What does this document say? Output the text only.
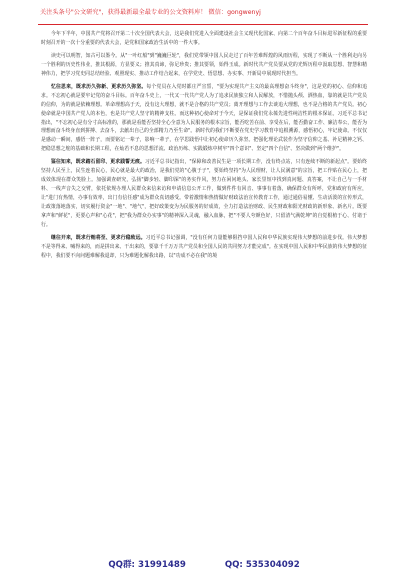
关注头条号"公文研究"，获得最新最全最专业的公文资料库！ 微信：gongwenyj

今年下半年，中国共产党将召开第二十次全国代表大会，这是我们党进入全面建设社会主义现代化国家、向第二个百年奋斗目标进军新征程的重要时刻召开的一次十分重要的代表大会，是党和国家政治生活中的一件大事。

读史可以明智，知古可以鉴今。从"一叶红船"到"巍巍巨轮"，我们党带领中国人民走过了百年苦难辉煌的风雨历程，实现了不断从一个胜利走向另一个胜利的历史性伟业，推其根源，方显要义；推其真谛，弥足珍贵；推其要领，始得玉成。新时代共产党员要从党的光辉历程中汲取思想、智慧和精神伟力，把学习党史同总结经验、观照现实、推动工作结合起来，在学党史、悟思想、办实事、开新局中展现时代担当。

忆往思来，既求历久弥新、更求历久弥坚。每个党员在入党时都庄严宣誓，"要为实现共产主义的最高理想奋斗终身"，这是党的初心、信仰和追求。不忘初心就是要牢记党的奋斗目标。百年奋斗史上，一代又一代共产党人为了追求民族独立和人民解放，不惜抛头颅、洒热血，靠的就是共产党员的信仰，为的就是依赖理想。革命理想高于天，没有这大理想，就不是合格的共产党员；离开理想与工作去谈追大理想，也不是合格的共产党员。初心使命就是中国共产党人的本色，也是共产党人坚守的精神支柱。而这种初心使命对于今天，是保证我们党永葆先进性纯洁性的根本保证。习近平总书记指出，"不忘初心是有分寸高标准的，那就是看能否坚持全心全意为人民服务的根本宗旨，能否吃苦在前、享受在后，能否勤奋工作、廉洁奉公，能否为理想而奋斗终身直到拼搏、去奋斗，去献出自己的全部精力乃至生命"。新时代的我们不断要在党史学习教育中追根溯源，感悟初心，牢记使命。不仅仅是感动一瞬间，感悟一阵子，而要铭记一辈子，影响一辈子，在学思践悟中让初心使命历久弥坚。把强化理论武装作为坚守信仰之基、补足精神之钙、把稳思想之舵的基础和长期工程，在灿若不息的思想洋流、政治历练、实践锻炼中树牢"四个意识"、坚定"四个自信"、坚决做到"两个维护"。

鉴往知来，既求踏石留印、更求践誓无痕。习近平总书记指出，"保障和改善民生是一项长期工作，没有终点站，只有连续不断的新起点"。要始终坚持人民至上，民生连着民心，民心就是最大的政治，是我们党的"心腹于子"，要始终坚持"为人民理财，让人民满意"的宗旨，把工作贴在民心上，把成效体现在群众笑脸上。加强调查研究，弘扬"脚步轻、脚印深"的务实作风，努力在闲问地头、家长里短中找到真问题、真答案，不让自己与一手材料、一线声音失之交臂，依托依规办理人民群众来信来访和申请信息公开工作，做到件件有回音、事事有着落，确保群众有所呼，党和政府有所应，让"进门有热情，办事有效率，出门有信任感"成为群众真切感受。带着激情和热情做好财政法治宣传教育工作，通过通俗易懂、生动活泼的宣传形式，让政策落地落实，切实履行资金"一地"、"地气"，把好政策变为为民服务的好成效，全力打造法治财政、民生财政和阳光财政的新形象、新名片。既要拿声和"鲜花"，更要心声和"心花"，把"我为群众办实事"的精神深入灵魂，融入血脉，把"不要人夸颜色好，只留清气满乾坤"的自觉根植于心、付诸于行。

继往开来，既求行贿将至、更求行稳致远。习近平总书记强调，"没有任何力量能够阻挡中国人民和中华民族实现伟大梦想的前进步伐。伟大梦想不是等得来、喊得来的，而是拼出来、干出来的，要靠千千万万共产党员和全国人民的共同努力才能完成"。在实现中国人民和中华民族的伟大梦想的征程中，我们要不向问题难解我退却，只为难题化解我出路，以"功成不必在我"的境

QQ群: 31991489	QQ: 535304092
